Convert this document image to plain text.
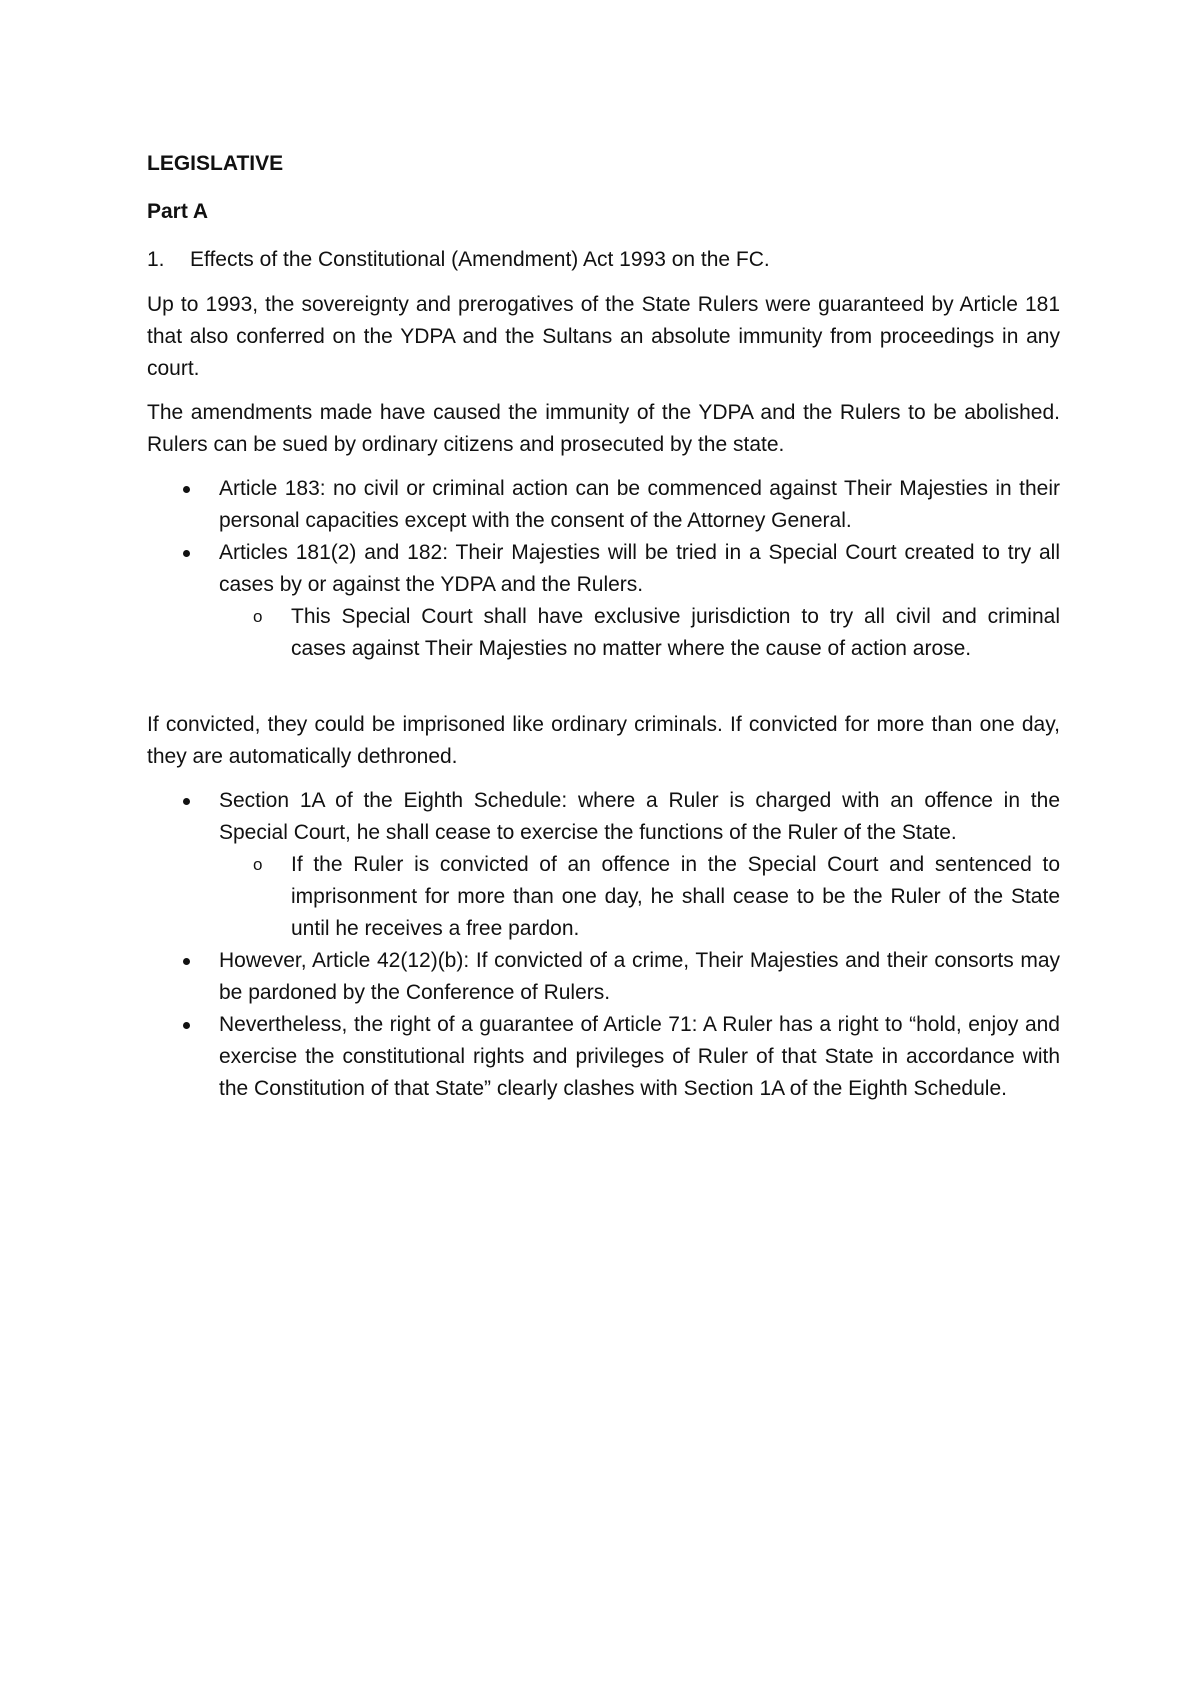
LEGISLATIVE
Part A
1.	Effects of the Constitutional (Amendment) Act 1993 on the FC.

Up to 1993, the sovereignty and prerogatives of the State Rulers were guaranteed by Article 181 that also conferred on the YDPA and the Sultans an absolute immunity from proceedings in any court.

The amendments made have caused the immunity of the YDPA and the Rulers to be abolished. Rulers can be sued by ordinary citizens and prosecuted by the state.

Article 183: no civil or criminal action can be commenced against Their Majesties in their personal capacities except with the consent of the Attorney General.
Articles 181(2) and 182: Their Majesties will be tried in a Special Court created to try all cases by or against the YDPA and the Rulers.
o This Special Court shall have exclusive jurisdiction to try all civil and criminal cases against Their Majesties no matter where the cause of action arose.

If convicted, they could be imprisoned like ordinary criminals. If convicted for more than one day, they are automatically dethroned.

Section 1A of the Eighth Schedule: where a Ruler is charged with an offence in the Special Court, he shall cease to exercise the functions of the Ruler of the State.
o If the Ruler is convicted of an offence in the Special Court and sentenced to imprisonment for more than one day, he shall cease to be the Ruler of the State until he receives a free pardon.
However, Article 42(12)(b): If convicted of a crime, Their Majesties and their consorts may be pardoned by the Conference of Rulers.
Nevertheless, the right of a guarantee of Article 71: A Ruler has a right to “hold, enjoy and exercise the constitutional rights and privileges of Ruler of that State in accordance with the Constitution of that State” clearly clashes with Section 1A of the Eighth Schedule.
